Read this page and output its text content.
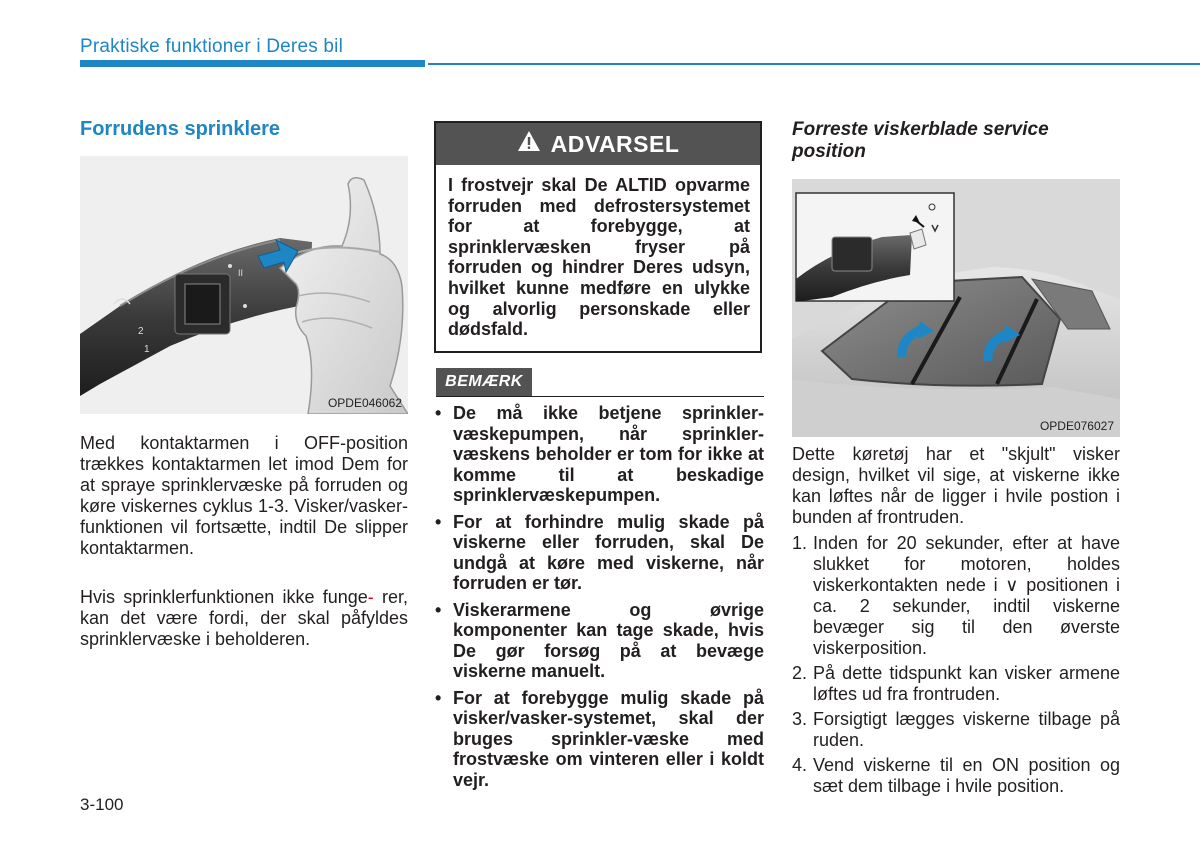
Praktiske funktioner i Deres bil
Forrudens sprinklere
2
1
II
OPDE046062
Med kontaktarmen i OFF-position trækkes kontaktarmen let imod Dem for at spraye sprinklervæske på forruden og køre viskernes cyklus 1-3. Visker/vasker-funktionen vil fortsætte, indtil De slipper kontaktarmen.
Hvis sprinklerfunktionen ikke funge- rer, kan det være fordi, der skal påfyldes sprinklervæske i beholderen.
ADVARSEL
I frostvejr skal De ALTID opvarme forruden med defrostersystemet for at forebygge, at sprinklervæsken fryser på forruden og hindrer Deres udsyn, hvilket kunne medføre en ulykke og alvorlig personskade eller dødsfald.
BEMÆRK
• De må ikke betjene sprinkler-væskepumpen, når sprinkler-væskens beholder er tom for ikke at komme til at beskadige sprinklervæskepumpen.
• For at forhindre mulig skade på viskerne eller forruden, skal De undgå at køre med viskerne, når forruden er tør.
• Viskerarmene og øvrige komponenter kan tage skade, hvis De gør forsøg på at bevæge viskerne manuelt.
• For at forebygge mulig skade på visker/vasker-systemet, skal der bruges sprinkler-væske med frostvæske om vinteren eller i koldt vejr.
Forreste viskerblade service position
OPDE076027
Dette køretøj har et "skjult" visker design, hvilket vil sige, at viskerne ikke kan løftes når de ligger i hvile postion i bunden af frontruden.
1. Inden for 20 sekunder, efter at have slukket for motoren, holdes viskerkontakten nede i ∨ positionen i ca. 2 sekunder, indtil viskerne bevæger sig til den øverste viskerposition.
2. På dette tidspunkt kan visker armene løftes ud fra frontruden.
3. Forsigtigt lægges viskerne tilbage på ruden.
4. Vend viskerne til en ON position og sæt dem tilbage i hvile position.
3-100
